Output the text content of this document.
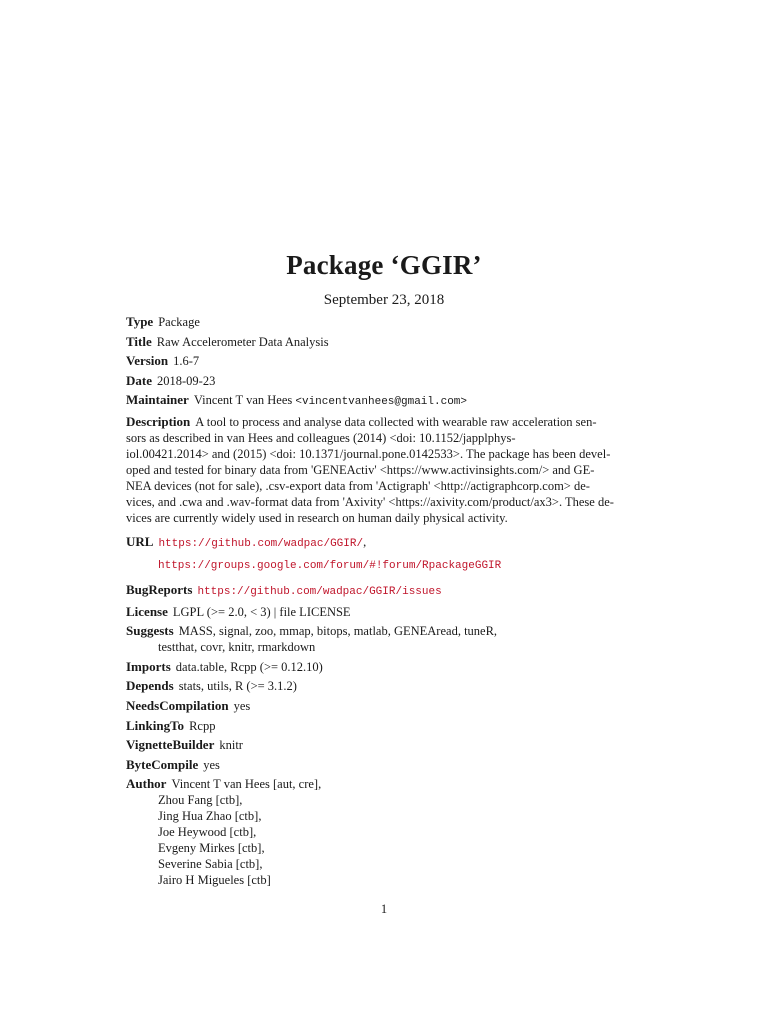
Package ‘GGIR’
September 23, 2018
Type Package
Title Raw Accelerometer Data Analysis
Version 1.6-7
Date 2018-09-23
Maintainer Vincent T van Hees <vincentvanhees@gmail.com>
Description A tool to process and analyse data collected with wearable raw acceleration sen-
sors as described in van Hees and colleagues (2014) <doi: 10.1152/japplphys-
iol.00421.2014> and (2015) <doi: 10.1371/journal.pone.0142533>. The package has been devel-
oped and tested for binary data from 'GENEActiv' <https://www.activinsights.com/> and GE-
NEA devices (not for sale), .csv-export data from 'Actigraph' <http://actigraphcorp.com> de-
vices, and .cwa and .wav-format data from 'Axivity' <https://axivity.com/product/ax3>. These de-
vices are currently widely used in research on human daily physical activity.
URL https://github.com/wadpac/GGIR/,
https://groups.google.com/forum/#!forum/RpackageGGIR
BugReports https://github.com/wadpac/GGIR/issues
License LGPL (>= 2.0, < 3) | file LICENSE
Suggests MASS, signal, zoo, mmap, bitops, matlab, GENEAread, tuneR,
testthat, covr, knitr, rmarkdown
Imports data.table, Rcpp (>= 0.12.10)
Depends stats, utils, R (>= 3.1.2)
NeedsCompilation yes
LinkingTo Rcpp
VignetteBuilder knitr
ByteCompile yes
Author Vincent T van Hees [aut, cre],
Zhou Fang [ctb],
Jing Hua Zhao [ctb],
Joe Heywood [ctb],
Evgeny Mirkes [ctb],
Severine Sabia [ctb],
Jairo H Migueles [ctb]
1
